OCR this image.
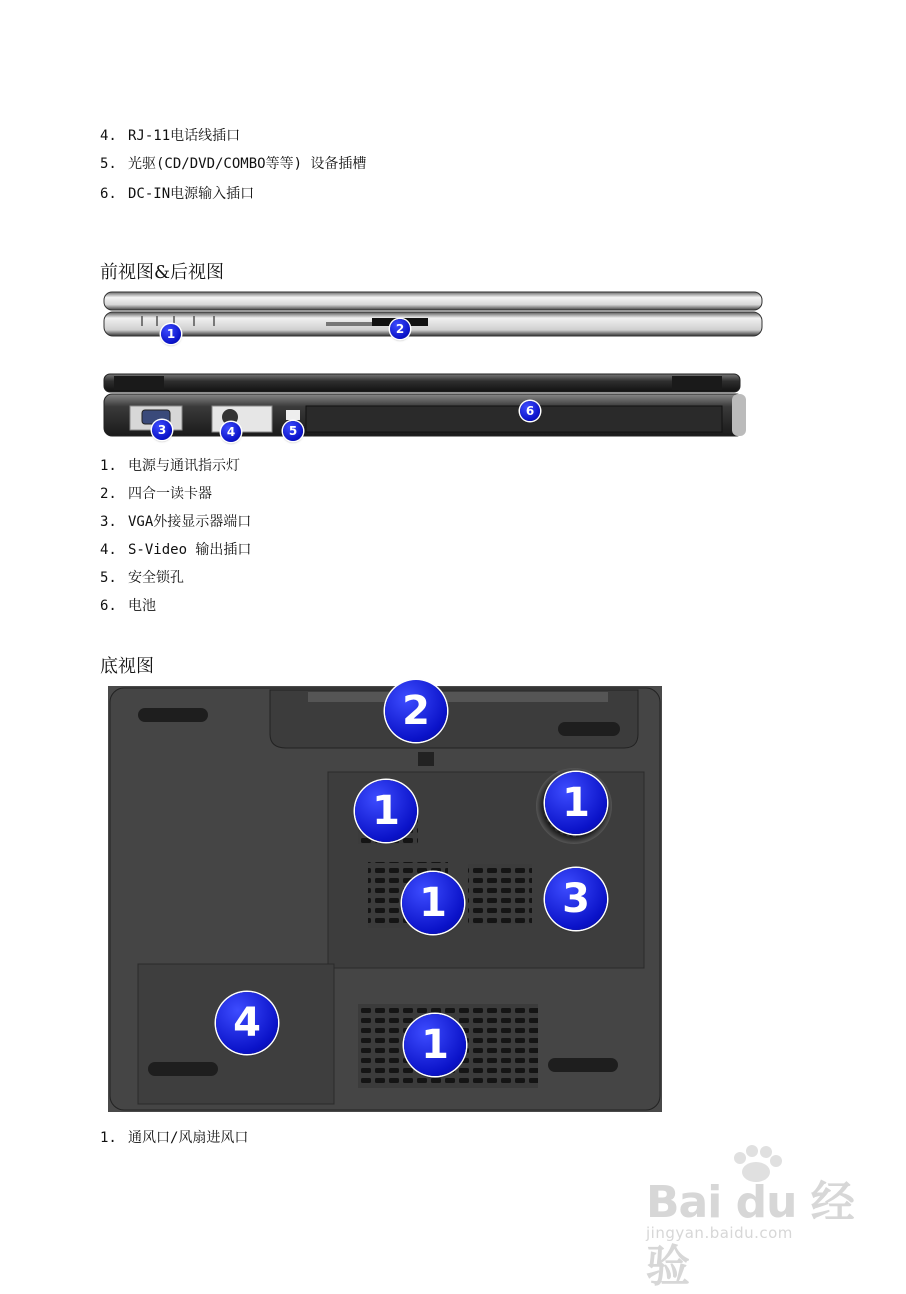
4. RJ-11电话线插口
5. 光驱(CD/DVD/COMBO等等) 设备插槽
6. DC-IN电源输入插口
前视图&后视图
1	2
3	4	5
6
1. 电源与通讯指示灯
2. 四合一读卡器
3. VGA外接显示器端口
4. S-Video 输出插口
5. 安全锁孔
6. 电池
底视图
2
1	1
1	3
4	1
1. 通风口/风扇进风口
Bai du 经验
jingyan.baidu.com
